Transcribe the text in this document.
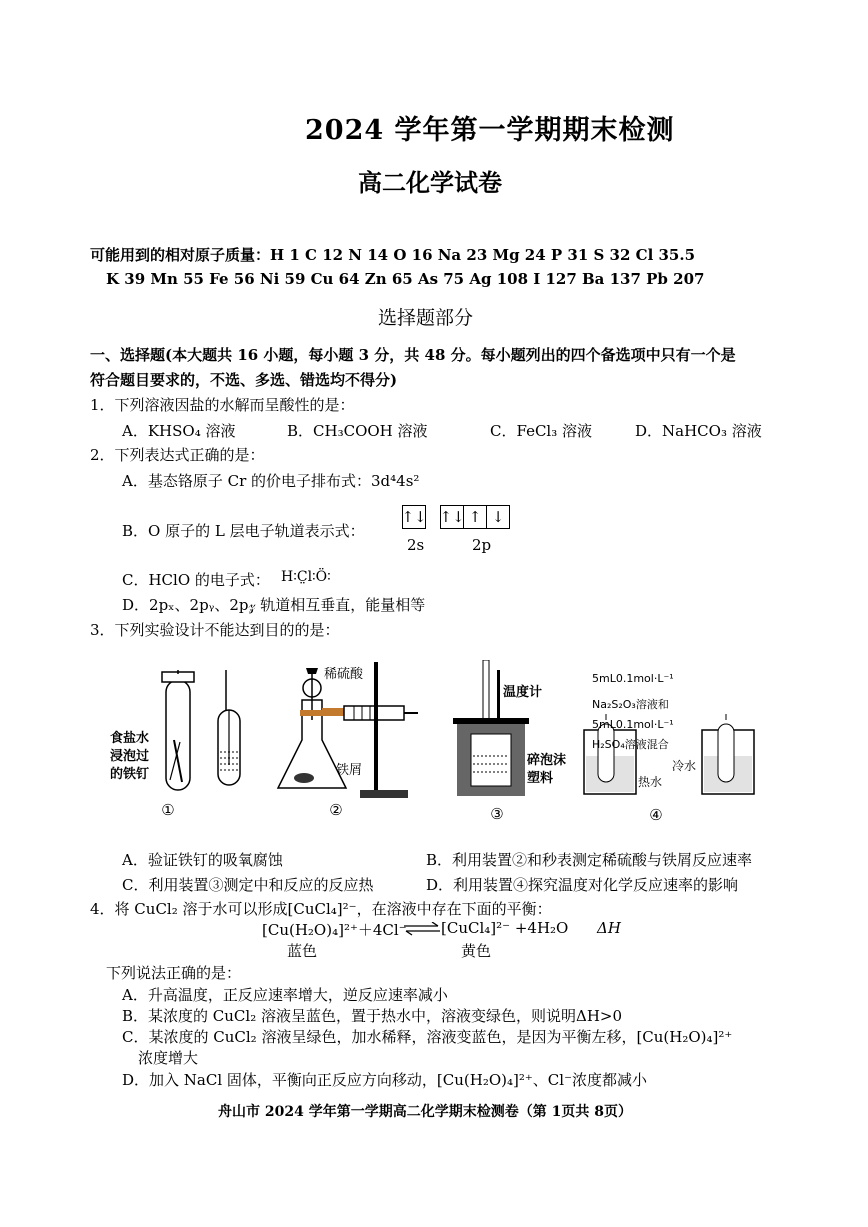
2024 学年第一学期期末检测
高二化学试卷
可能用到的相对原子质量：H 1 C 12 N 14 O 16 Na 23 Mg 24 P 31 S 32 Cl 35.5
K 39 Mn 55 Fe 56 Ni 59 Cu 64 Zn 65 As 75 Ag 108 I 127 Ba 137 Pb 207
选择题部分
一、选择题(本大题共 16 小题，每小题 3 分，共 48 分。每小题列出的四个备选项中只有一个是
符合题目要求的，不选、多选、错选均不得分)
1．下列溶液因盐的水解而呈酸性的是：
A．KHSO₄ 溶液	B．CH₃COOH 溶液	C．FeCl₃ 溶液	D．NaHCO₃ 溶液
2．下列表达式正确的是：
A．基态铬原子 Cr 的价电子排布式：3d⁴4s²
B．O 原子的 L 层电子轨道表示式：
↑↓ ↑↓ ↑ ↓
2s	2p
C．HClO 的电子式： H∶C̤l∶Ö∶
D．2pₓ、2pᵧ、2p𝓏 轨道相互垂直，能量相等
3．下列实验设计不能达到目的的是：
食盐水
浸泡过
的铁钉
①
稀硫酸
铁屑
②
温度计
碎泡沫
塑料
③
5mL0.1mol·L⁻¹
Na₂S₂O₃溶液和
5mL0.1mol·L⁻¹
H₂SO₄溶液混合
热水
冷水
④
A．验证铁钉的吸氧腐蚀	B．利用装置②和秒表测定稀硫酸与铁屑反应速率
C．利用装置③测定中和反应的反应热	D．利用装置④探究温度对化学反应速率的影响
4．将 CuCl₂ 溶于水可以形成[CuCl₄]²⁻，在溶液中存在下面的平衡：
[Cu(H₂O)₄]²⁺＋4Cl⁻ ⇌ [CuCl₄]²⁻ +4H₂O ΔH
蓝色	黄色
下列说法正确的是：
A．升高温度，正反应速率增大，逆反应速率减小
B．某浓度的 CuCl₂ 溶液呈蓝色，置于热水中，溶液变绿色，则说明ΔH>0
C．某浓度的 CuCl₂ 溶液呈绿色，加水稀释，溶液变蓝色，是因为平衡左移，[Cu(H₂O)₄]²⁺
浓度增大
D．加入 NaCl 固体，平衡向正反应方向移动，[Cu(H₂O)₄]²⁺、Cl⁻浓度都减小
舟山市 2024 学年第一学期高二化学期末检测卷（第 1页共 8页）
